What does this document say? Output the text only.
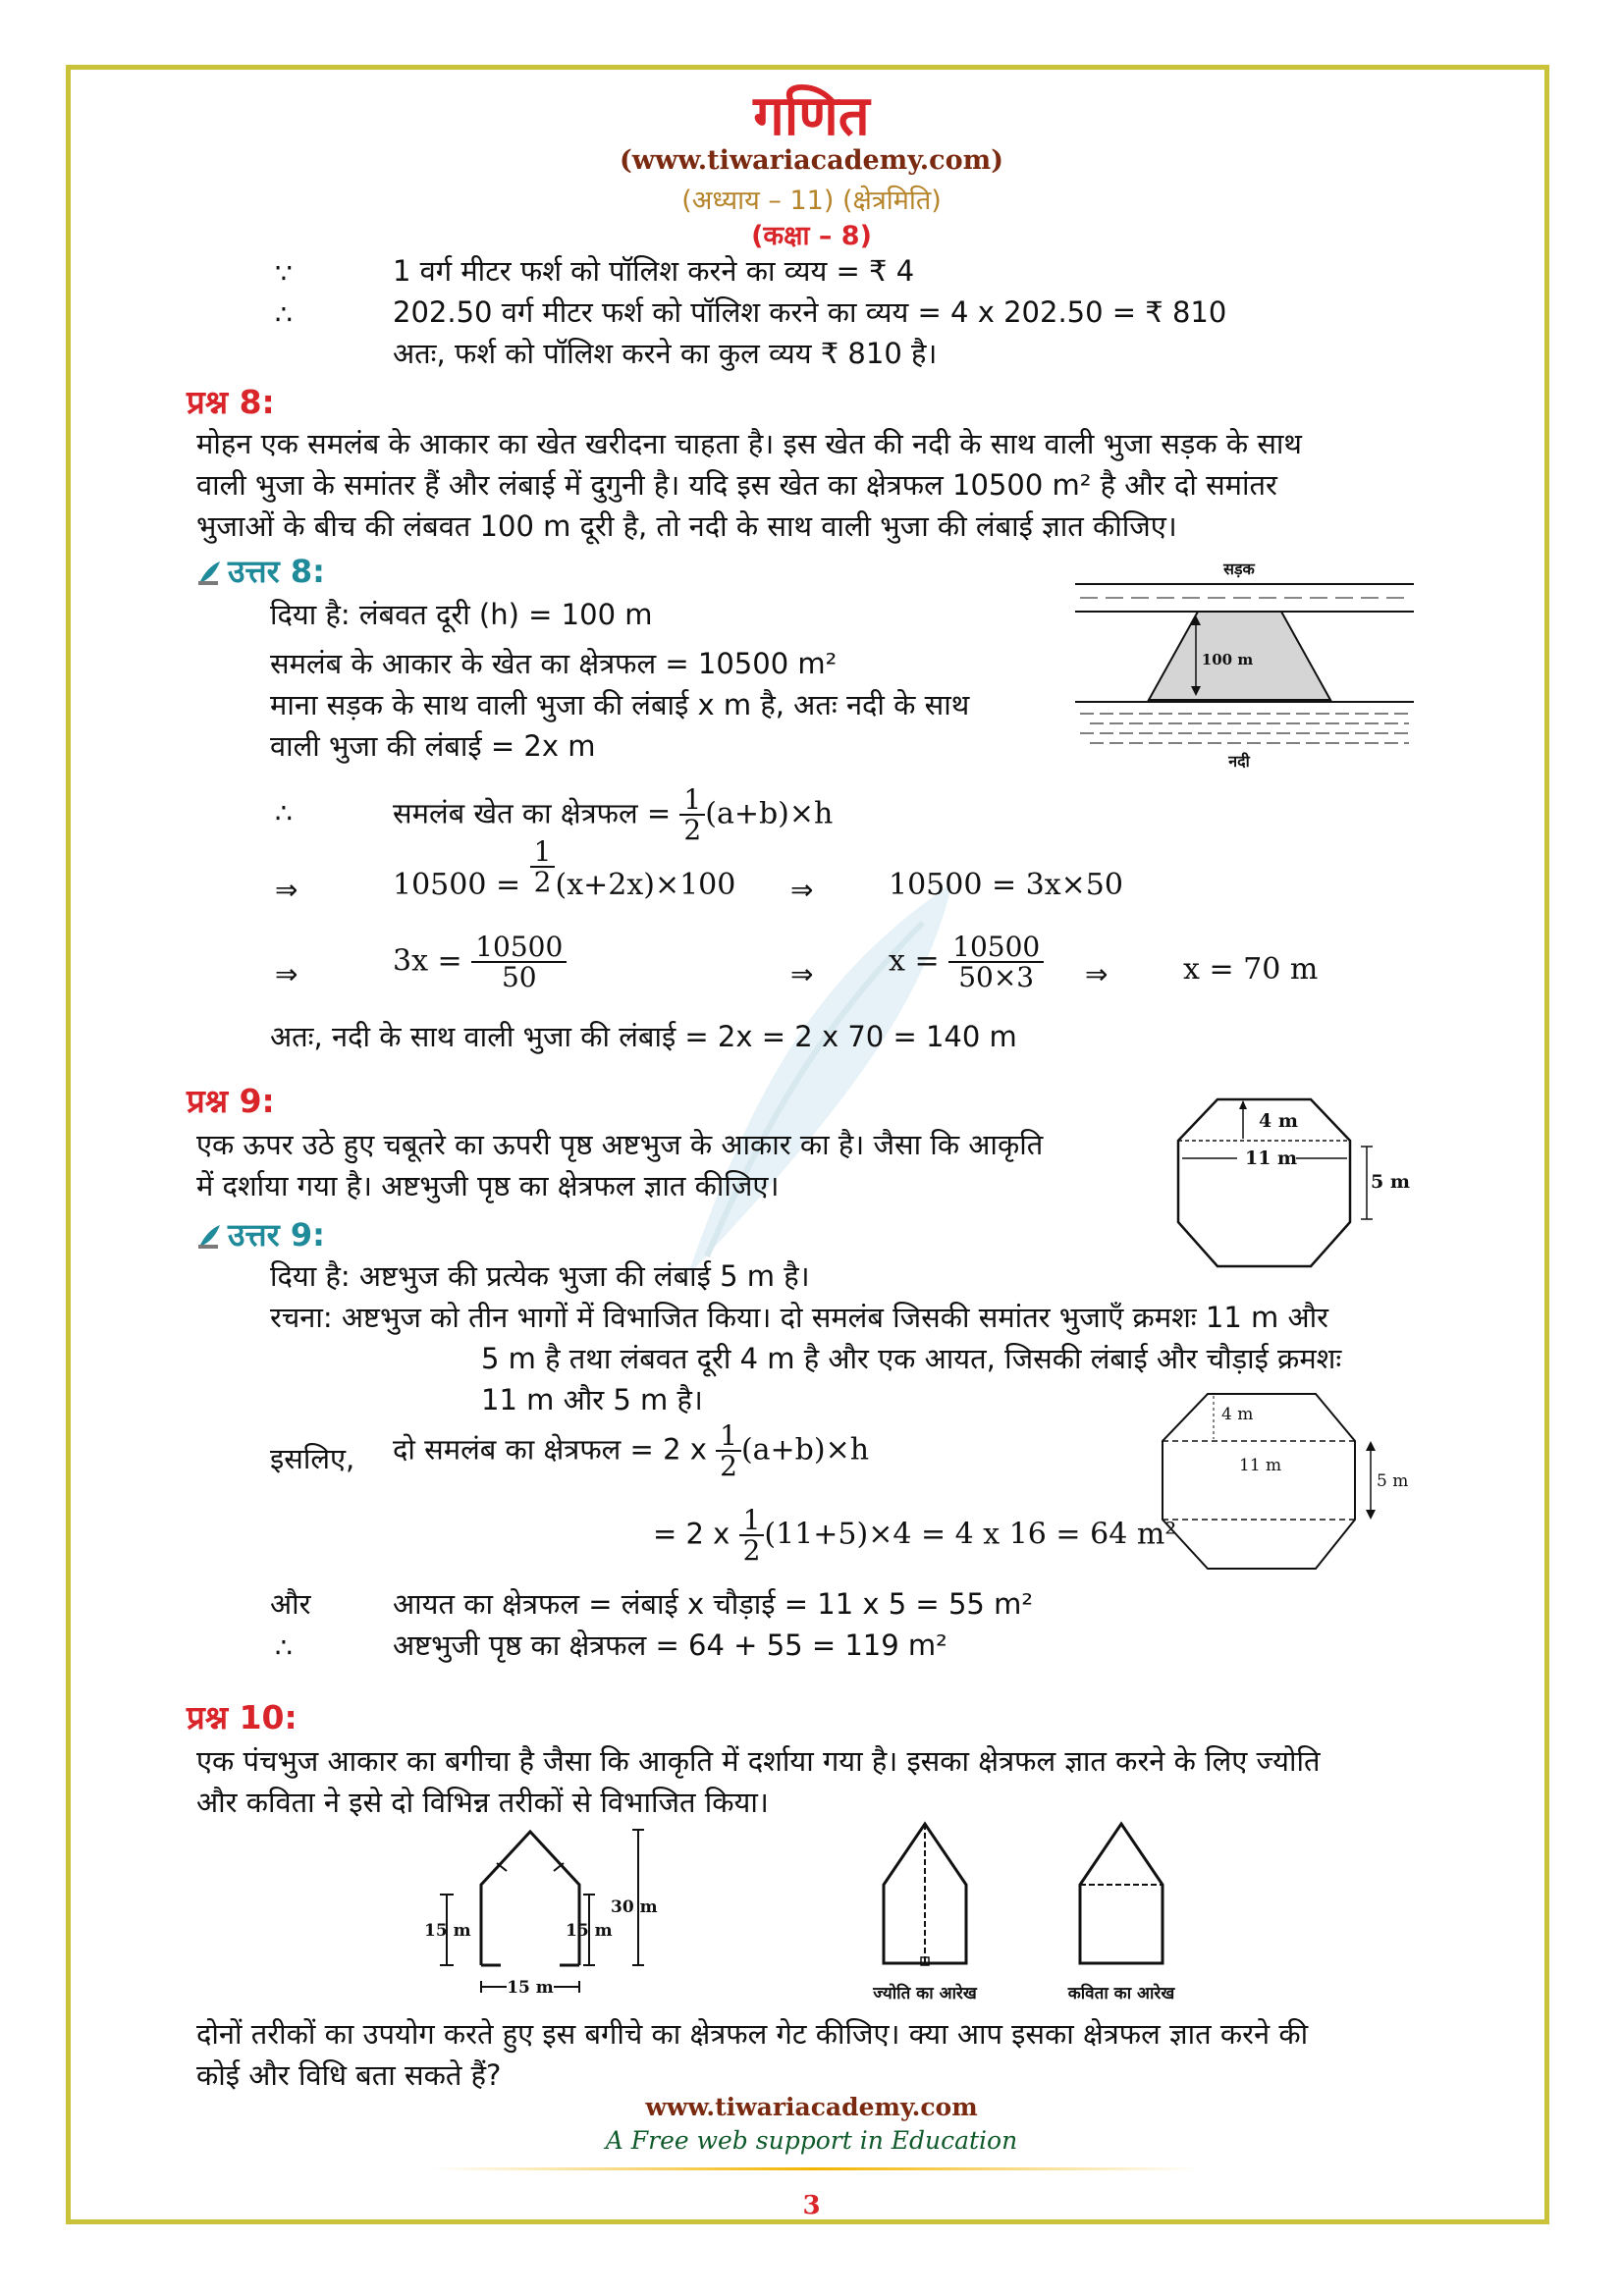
गणित
(www.tiwariacademy.com)
(अध्याय – 11) (क्षेत्रमिति)
(कक्षा – 8)
∵	1 वर्ग मीटर फर्श को पॉलिश करने का व्यय = ₹ 4
∴	202.50 वर्ग मीटर फर्श को पॉलिश करने का व्यय = 4 x 202.50 = ₹ 810
अतः, फर्श को पॉलिश करने का कुल व्यय ₹ 810 है।
प्रश्न 8:
मोहन एक समलंब के आकार का खेत खरीदना चाहता है। इस खेत की नदी के साथ वाली भुजा सड़क के साथ
वाली भुजा के समांतर हैं और लंबाई में दुगुनी है। यदि इस खेत का क्षेत्रफल 10500 m² है और दो समांतर
भुजाओं के बीच की लंबवत 100 m दूरी है, तो नदी के साथ वाली भुजा की लंबाई ज्ञात कीजिए।
उत्तर 8:
दिया है: लंबवत दूरी (h) = 100 m
समलंब के आकार के खेत का क्षेत्रफल = 10500 m²
माना सड़क के साथ वाली भुजा की लंबाई x m है, अतः नदी के साथ
वाली भुजा की लंबाई = 2x m
∴	समलंब खेत का क्षेत्रफल = $\frac{1}{2} (a+b)\times h$
⇒	$10500 = \frac{1}{2} (x+2x)\times 100$ ⇒	10500 = 3x×50
⇒	$3x = \frac{10500}{50}$	⇒	$x = \frac{10500}{50\times 3}$ ⇒	x = 70 m
अतः, नदी के साथ वाली भुजा की लंबाई = 2x = 2 x 70 = 140 m
सड़क
100 m
नदी
प्रश्न 9:
एक ऊपर उठे हुए चबूतरे का ऊपरी पृष्ठ अष्टभुज के आकार का है। जैसा कि आकृति
में दर्शाया गया है। अष्टभुजी पृष्ठ का क्षेत्रफल ज्ञात कीजिए।
उत्तर 9:
दिया है: अष्टभुज की प्रत्येक भुजा की लंबाई 5 m है।
रचना: अष्टभुज को तीन भागों में विभाजित किया। दो समलंब जिसकी समांतर भुजाएँ क्रमशः 11 m और
5 m है तथा लंबवत दूरी 4 m है और एक आयत, जिसकी लंबाई और चौड़ाई क्रमशः
11 m और 5 m है।
इसलिए, दो समलंब का क्षेत्रफल = 2 x $\frac{1}{2} (a+b)\times h$
= 2 x $\frac{1}{2} (11+5)\times 4 = 4$ x 16 = 64 m²
और	आयत का क्षेत्रफल = लंबाई x चौड़ाई = 11 x 5 = 55 m²
∴	अष्टभुजी पृष्ठ का क्षेत्रफल = 64 + 55 = 119 m²
4 m
11 m
5 m
4 m
11 m
5 m
प्रश्न 10:
एक पंचभुज आकार का बगीचा है जैसा कि आकृति में दर्शाया गया है। इसका क्षेत्रफल ज्ञात करने के लिए ज्योति
और कविता ने इसे दो विभिन्न तरीकों से विभाजित किया।
15 m	15 m
30 m
15 m	ज्योति का आरेख	कविता का आरेख
दोनों तरीकों का उपयोग करते हुए इस बगीचे का क्षेत्रफल गेट कीजिए। क्या आप इसका क्षेत्रफल ज्ञात करने की
कोई और विधि बता सकते हैं?
www.tiwariacademy.com
A Free web support in Education
3
